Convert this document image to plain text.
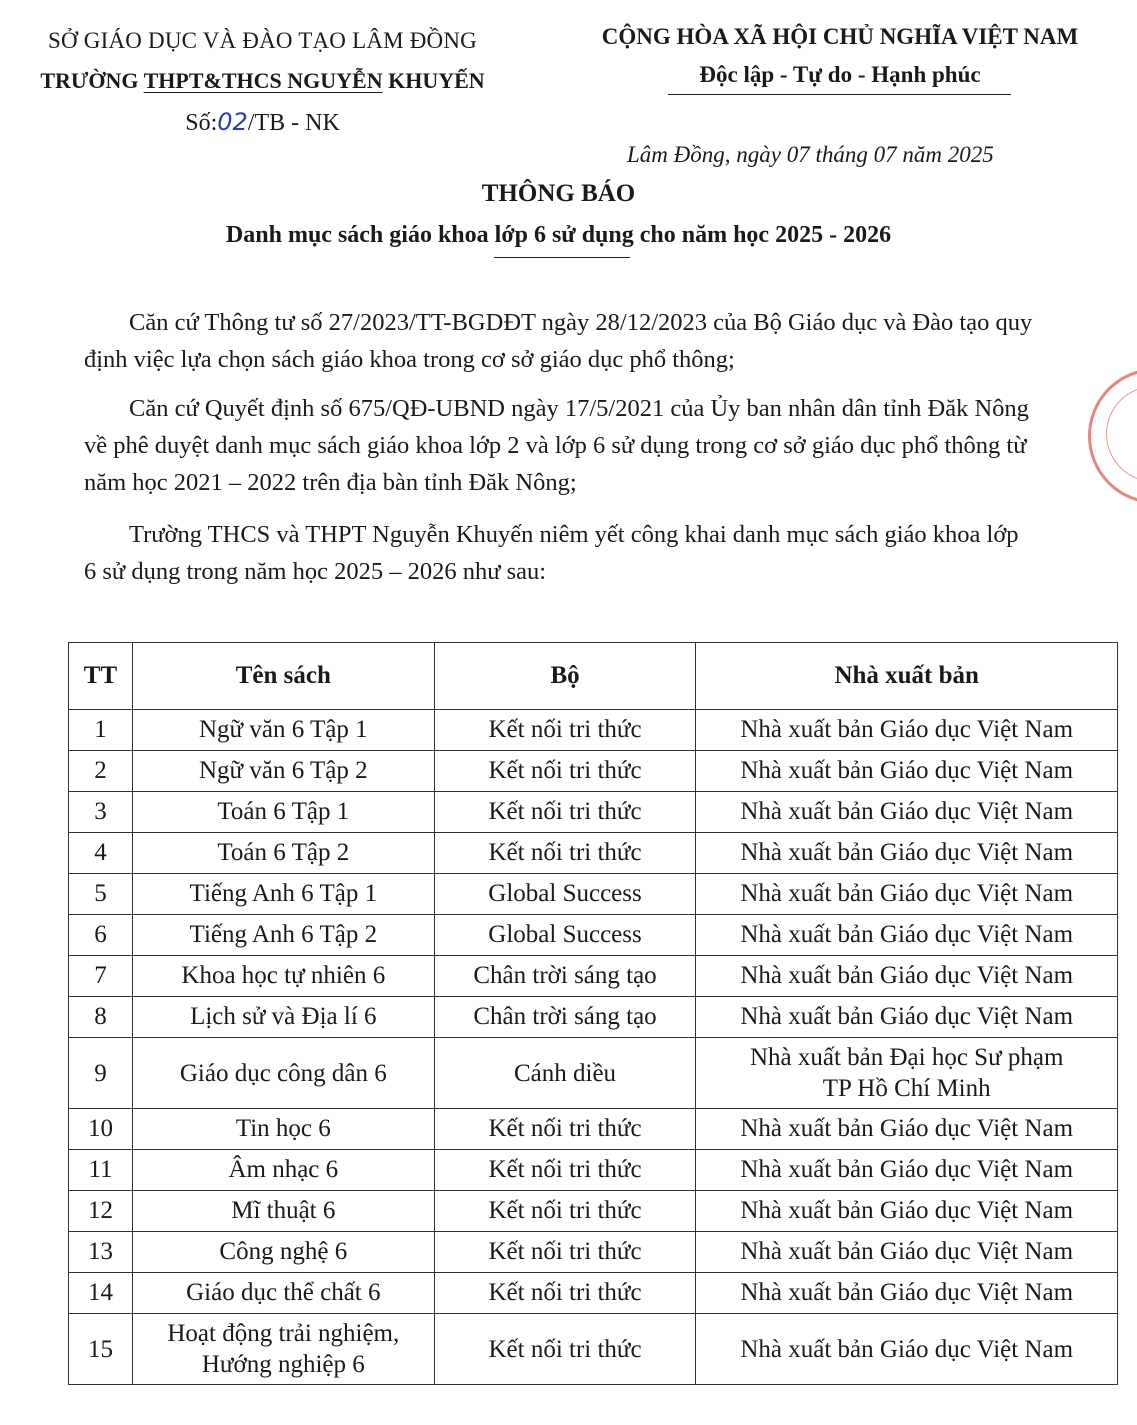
SỞ GIÁO DỤC VÀ ĐÀO TẠO LÂM ĐỒNG
TRƯỜNG THPT&THCS NGUYỄN KHUYẾN
Số:02/TB - NK
CỘNG HÒA XÃ HỘI CHỦ NGHĨA VIỆT NAM
Độc lập - Tự do - Hạnh phúc
Lâm Đồng, ngày 07 tháng 07 năm 2025
THÔNG BÁO
Danh mục sách giáo khoa lớp 6 sử dụng cho năm học 2025 - 2026
Căn cứ Thông tư số 27/2023/TT-BGDĐT ngày 28/12/2023 của Bộ Giáo dục và Đào tạo quy định việc lựa chọn sách giáo khoa trong cơ sở giáo dục phổ thông;
Căn cứ Quyết định số 675/QĐ-UBND ngày 17/5/2021 của Ủy ban nhân dân tỉnh Đăk Nông về phê duyệt danh mục sách giáo khoa lớp 2 và lớp 6 sử dụng trong cơ sở giáo dục phổ thông từ năm học 2021 – 2022 trên địa bàn tỉnh Đăk Nông;
Trường THCS và THPT Nguyễn Khuyến niêm yết công khai danh mục sách giáo khoa lớp 6 sử dụng trong năm học 2025 – 2026 như sau:
TT	Tên sách	Bộ	Nhà xuất bản
1	Ngữ văn 6 Tập 1	Kết nối tri thức	Nhà xuất bản Giáo dục Việt Nam
2	Ngữ văn 6 Tập 2	Kết nối tri thức	Nhà xuất bản Giáo dục Việt Nam
3	Toán 6 Tập 1	Kết nối tri thức	Nhà xuất bản Giáo dục Việt Nam
4	Toán 6 Tập 2	Kết nối tri thức	Nhà xuất bản Giáo dục Việt Nam
5	Tiếng Anh 6 Tập 1	Global Success	Nhà xuất bản Giáo dục Việt Nam
6	Tiếng Anh 6 Tập 2	Global Success	Nhà xuất bản Giáo dục Việt Nam
7	Khoa học tự nhiên 6	Chân trời sáng tạo	Nhà xuất bản Giáo dục Việt Nam
8	Lịch sử và Địa lí 6	Chân trời sáng tạo	Nhà xuất bản Giáo dục Việt Nam
9	Giáo dục công dân 6	Cánh diều	Nhà xuất bản Đại học Sư phạm TP Hồ Chí Minh
10	Tin học 6	Kết nối tri thức	Nhà xuất bản Giáo dục Việt Nam
11	Âm nhạc 6	Kết nối tri thức	Nhà xuất bản Giáo dục Việt Nam
12	Mĩ thuật 6	Kết nối tri thức	Nhà xuất bản Giáo dục Việt Nam
13	Công nghệ 6	Kết nối tri thức	Nhà xuất bản Giáo dục Việt Nam
14	Giáo dục thể chất 6	Kết nối tri thức	Nhà xuất bản Giáo dục Việt Nam
15	Hoạt động trải nghiệm, Hướng nghiệp 6	Kết nối tri thức	Nhà xuất bản Giáo dục Việt Nam
